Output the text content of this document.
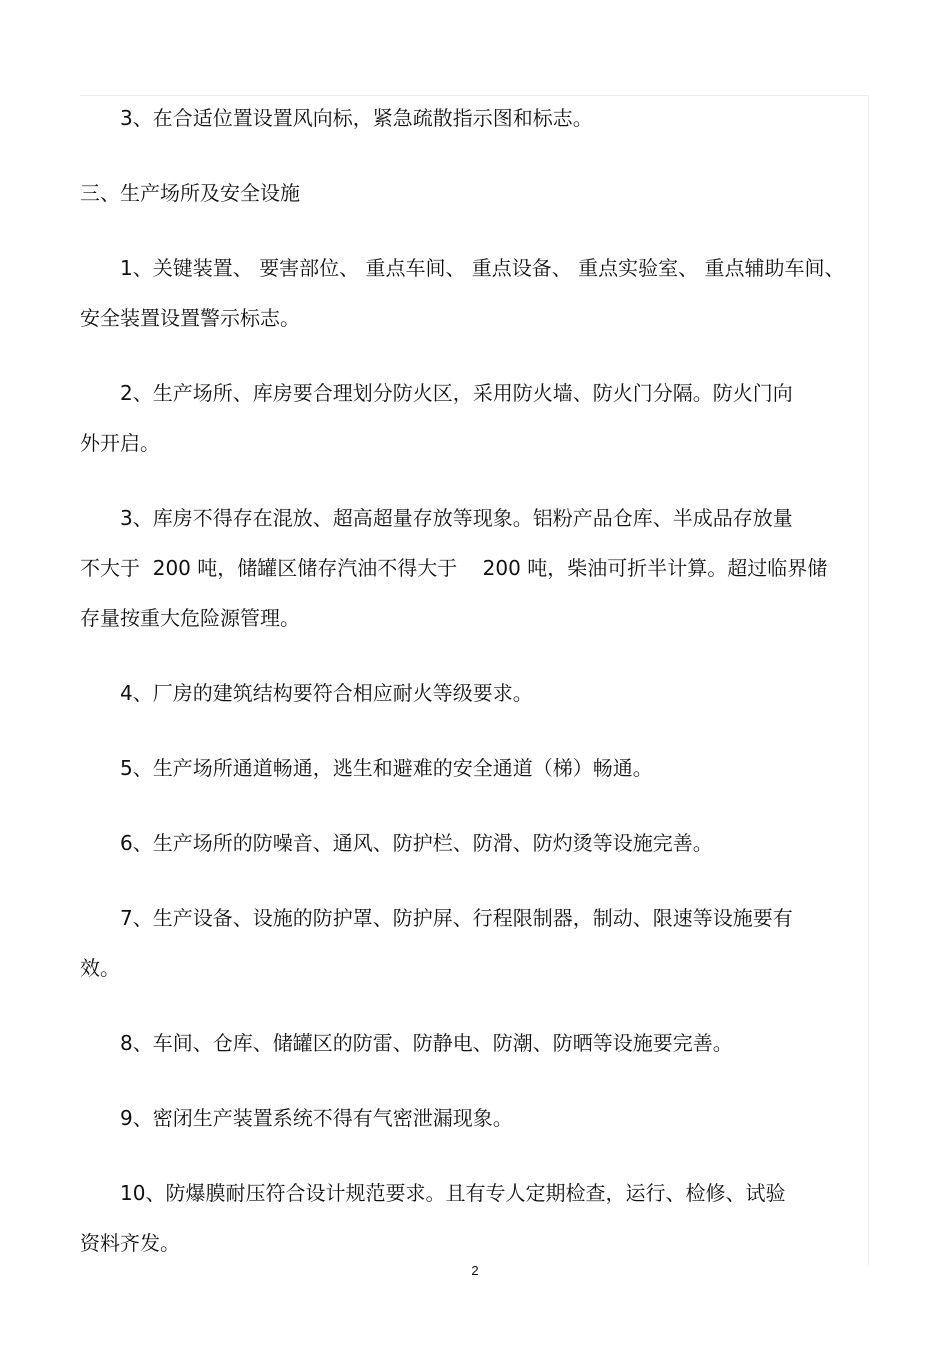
3、在合适位置设置风向标，紧急疏散指示图和标志。
三、生产场所及安全设施
1、关键装置、 要害部位、 重点车间、 重点设备、 重点实验室、 重点辅助车间、
安全装置设置警示标志。
2、生产场所、库房要合理划分防火区，采用防火墙、防火门分隔。防火门向
外开启。
3、库房不得存在混放、超高超量存放等现象。铝粉产品仓库、半成品存放量
不大于  200 吨，储罐区储存汽油不得大于    200 吨，柴油可折半计算。超过临界储
存量按重大危险源管理。
4、厂房的建筑结构要符合相应耐火等级要求。
5、生产场所通道畅通，逃生和避难的安全通道（梯）畅通。
6、生产场所的防噪音、通风、防护栏、防滑、防灼烫等设施完善。
7、生产设备、设施的防护罩、防护屏、行程限制器，制动、限速等设施要有
效。
8、车间、仓库、储罐区的防雷、防静电、防潮、防晒等设施要完善。
9、密闭生产装置系统不得有气密泄漏现象。
10、防爆膜耐压符合设计规范要求。且有专人定期检查，运行、检修、试验
资料齐发。
2
